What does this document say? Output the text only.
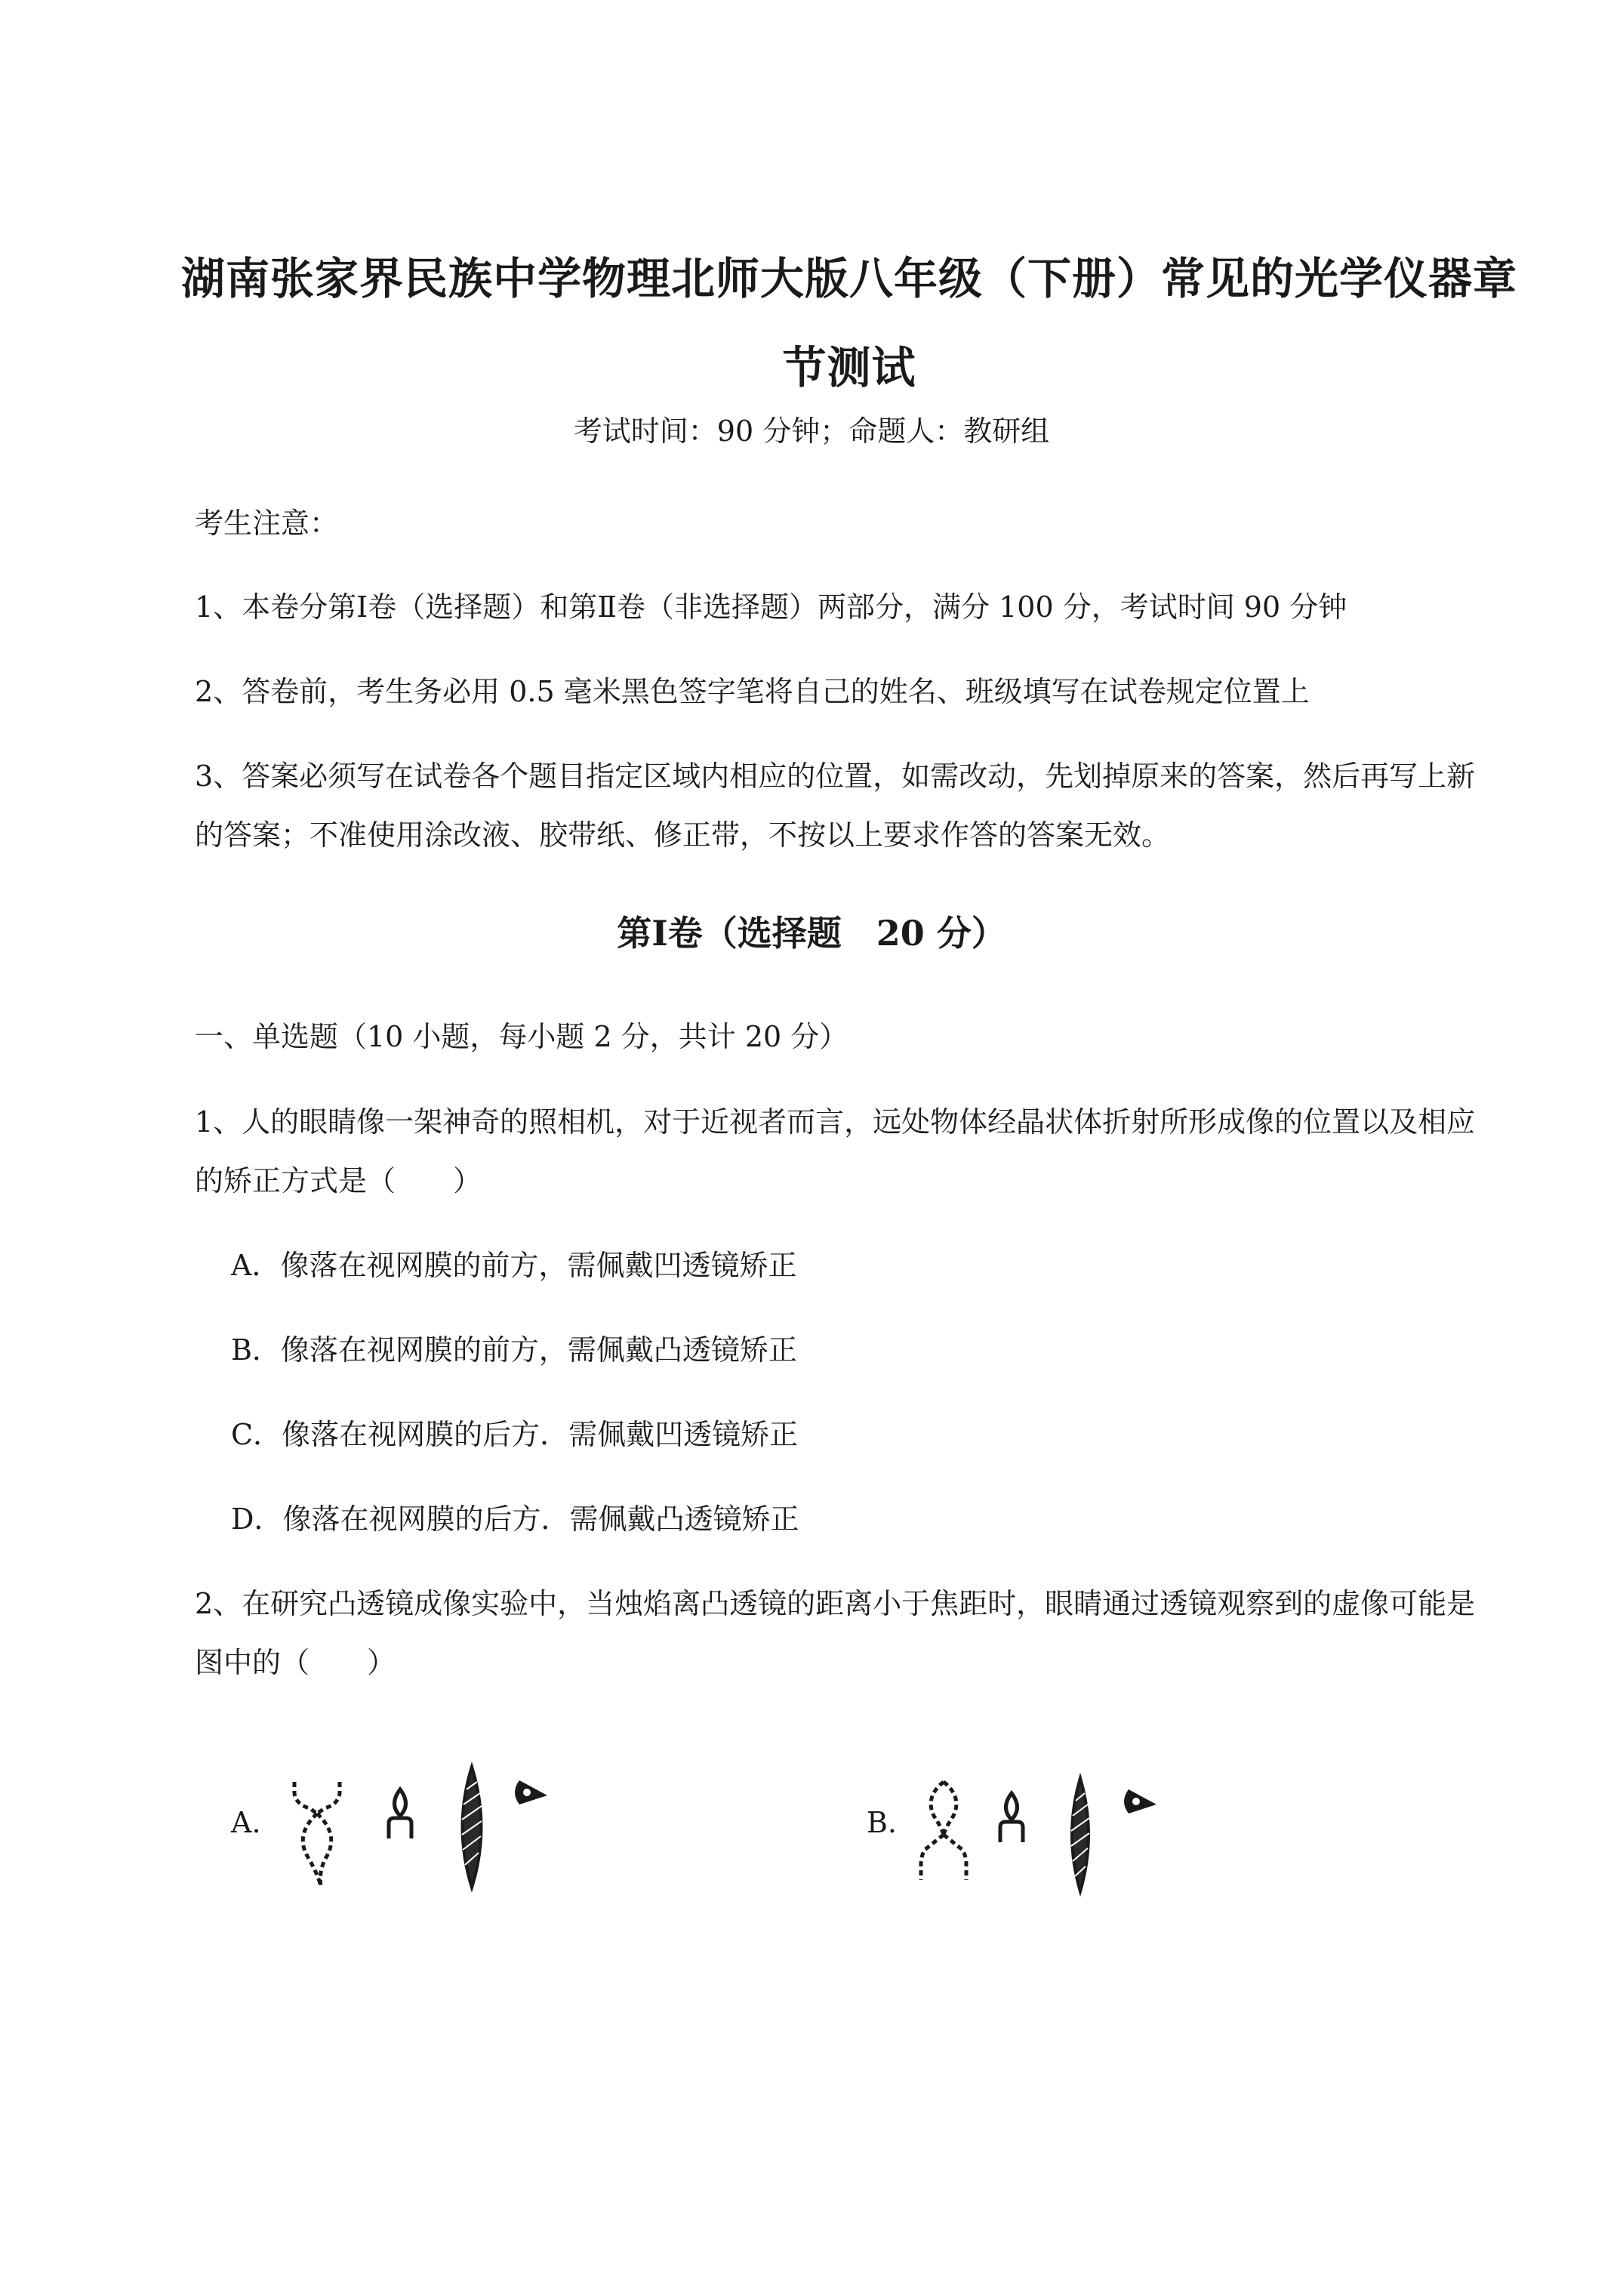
湖南张家界民族中学物理北师大版八年级（下册）常见的光学仪器章
节测试
考试时间：90 分钟；命题人：教研组
考生注意：
1、本卷分第Ⅰ卷（选择题）和第Ⅱ卷（非选择题）两部分，满分 100 分，考试时间 90 分钟
2、答卷前，考生务必用 0.5 毫米黑色签字笔将自己的姓名、班级填写在试卷规定位置上
3、答案必须写在试卷各个题目指定区域内相应的位置，如需改动，先划掉原来的答案，然后再写上新
的答案；不准使用涂改液、胶带纸、修正带，不按以上要求作答的答案无效。
第Ⅰ卷（选择题　20 分）
一、单选题（10 小题，每小题 2 分，共计 20 分）
1、人的眼睛像一架神奇的照相机，对于近视者而言，远处物体经晶状体折射所形成像的位置以及相应
的矫正方式是（　　）
A．像落在视网膜的前方，需佩戴凹透镜矫正
B．像落在视网膜的前方，需佩戴凸透镜矫正
C．像落在视网膜的后方．需佩戴凹透镜矫正
D．像落在视网膜的后方．需佩戴凸透镜矫正
2、在研究凸透镜成像实验中，当烛焰离凸透镜的距离小于焦距时，眼睛通过透镜观察到的虚像可能是
图中的（　　）
A.	B.
